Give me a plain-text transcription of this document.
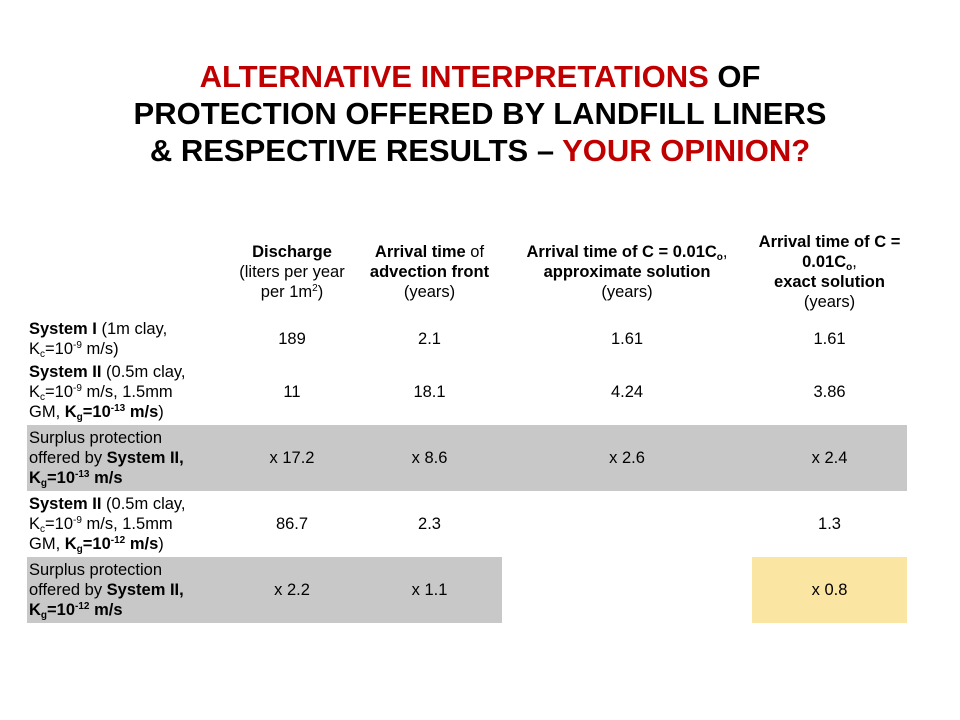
ALTERNATIVE INTERPRETATIONS OF
PROTECTION OFFERED BY LANDFILL LINERS
& RESPECTIVE RESULTS – YOUR OPINION?
	Discharge
(liters per year per $1m^2$)	Arrival time of
advection front
(years)	Arrival time of $C = 0.01C_o$,
approximate solution
(years)	Arrival time of $C = 0.01C_o$,
exact solution
(years)
System I (1m clay,
$K_c=10^{-9}$ m/s)	189	2.1	1.61	1.61
System II (0.5m clay,
$K_c=10^{-9}$ m/s, 1.5mm
GM, $K_g=10^{-13}$ m/s)	11	18.1	4.24	3.86
Surplus protection
offered by System II,
$K_g=10^{-13}$ m/s	x 17.2	x 8.6	x 2.6	x 2.4
System II (0.5m clay,
$K_c=10^{-9}$ m/s, 1.5mm
GM, $K_g=10^{-12}$ m/s)	86.7	2.3		1.3
Surplus protection
offered by System II,
$K_g=10^{-12}$ m/s	x 2.2	x 1.1		x 0.8
